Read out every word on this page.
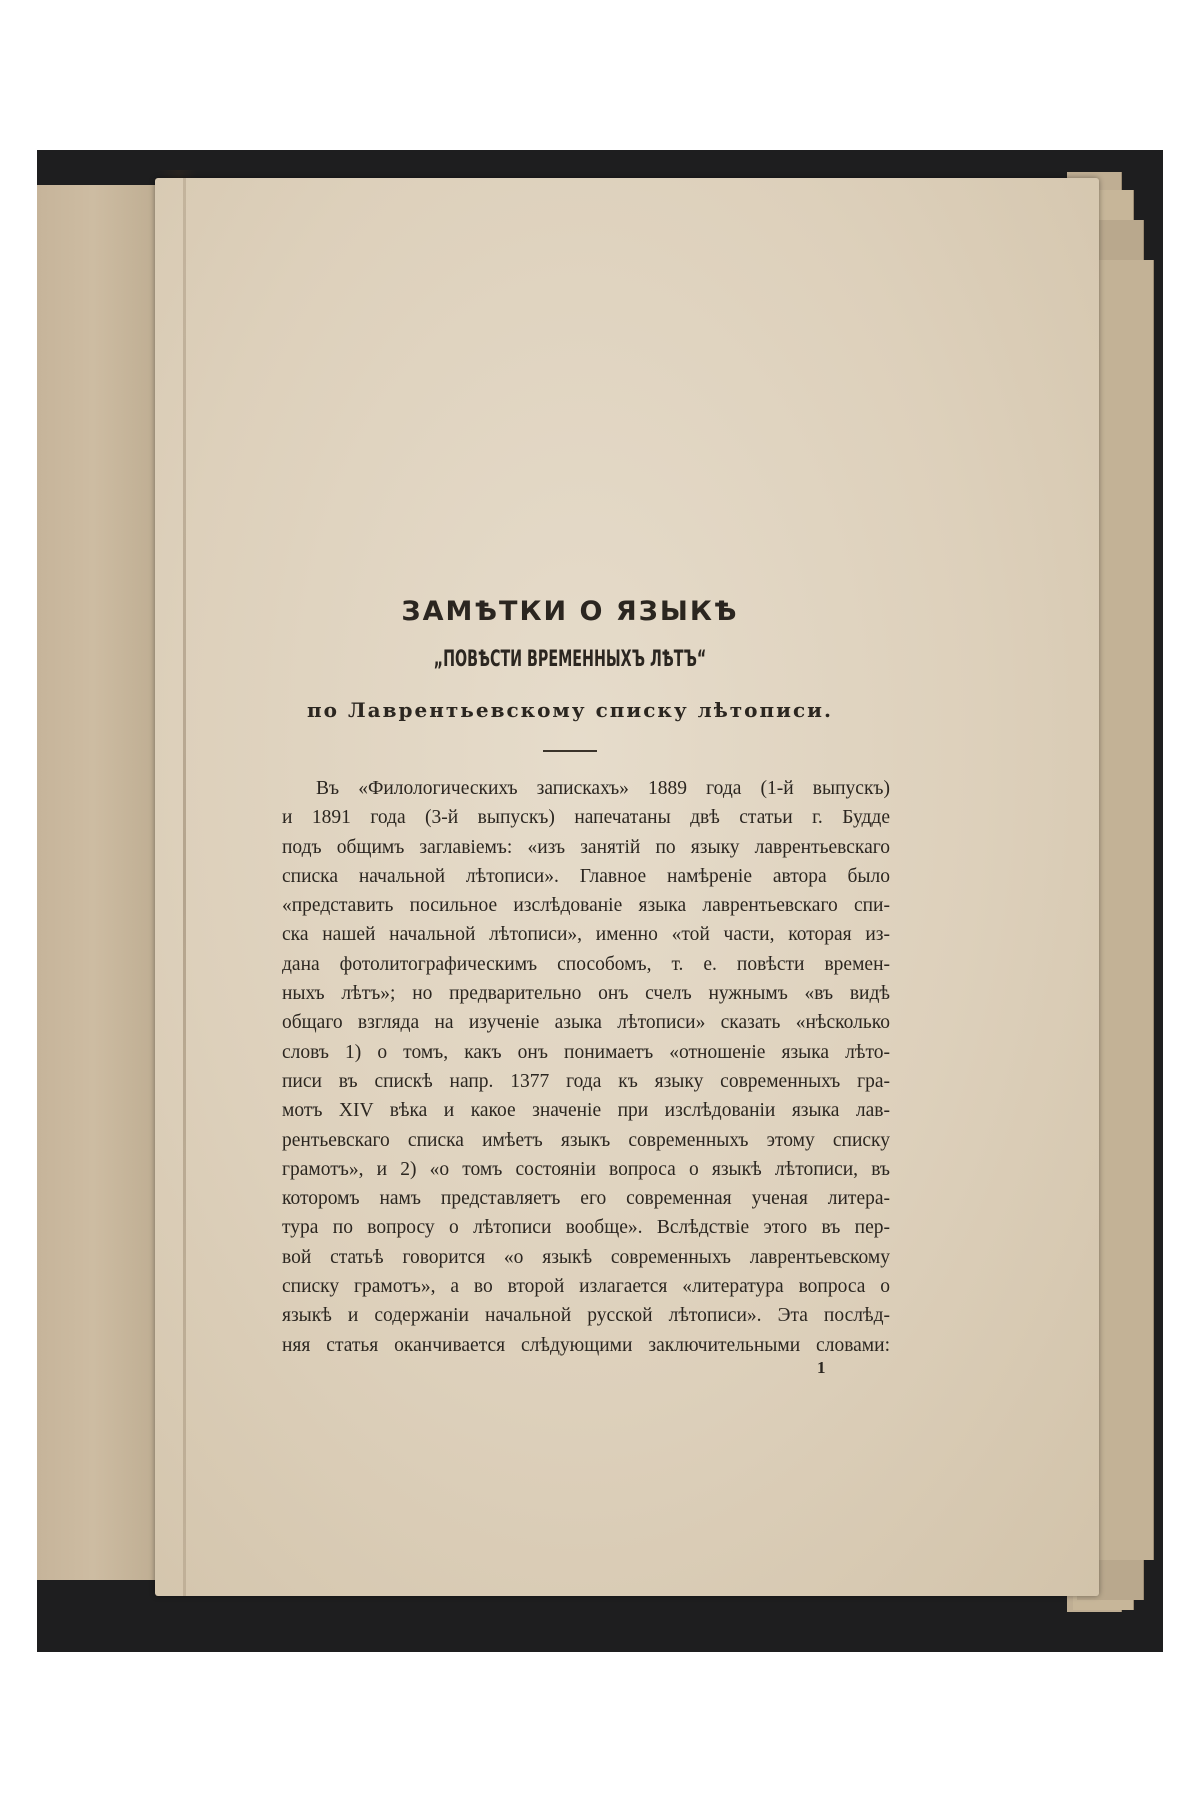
ЗАМѢТКИ О ЯЗЫКѢ
„ПОВѢСТИ ВРЕМЕННЫХЪ ЛѢТЪ“
по Лаврентьевскому списку лѣтописи.
Въ «Филологическихъ запискахъ» 1889 года (1-й выпускъ)
и 1891 года (3-й выпускъ) напечатаны двѣ статьи г. Будде
подъ общимъ заглавіемъ: «изъ занятій по языку лаврентьевскаго
списка начальной лѣтописи». Главное намѣреніе автора было
«представить посильное изслѣдованіе языка лаврентьевскаго спи-
ска нашей начальной лѣтописи», именно «той части, которая из-
дана фотолитографическимъ способомъ, т. е. повѣсти времен-
ныхъ лѣтъ»; но предварительно онъ счелъ нужнымъ «въ видѣ
общаго взгляда на изученіе азыка лѣтописи» сказать «нѣсколько
словъ 1) о томъ, какъ онъ понимаетъ «отношеніе языка лѣто-
писи въ спискѣ напр. 1377 года къ языку современныхъ гра-
мотъ XIV вѣка и какое значеніе при изслѣдованіи языка лав-
рентьевскаго списка имѣетъ языкъ современныхъ этому списку
грамотъ», и 2) «о томъ состояніи вопроса о языкѣ лѣтописи, въ
которомъ намъ представляетъ его современная ученая литера-
тура по вопросу о лѣтописи вообще». Вслѣдствіе этого въ пер-
вой статьѣ говорится «о языкѣ современныхъ лаврентьевскому
списку грамотъ», а во второй излагается «литература вопроса о
языкѣ и содержаніи начальной русской лѣтописи». Эта послѣд-
няя статья оканчивается слѣдующими заключительными словами:
1
